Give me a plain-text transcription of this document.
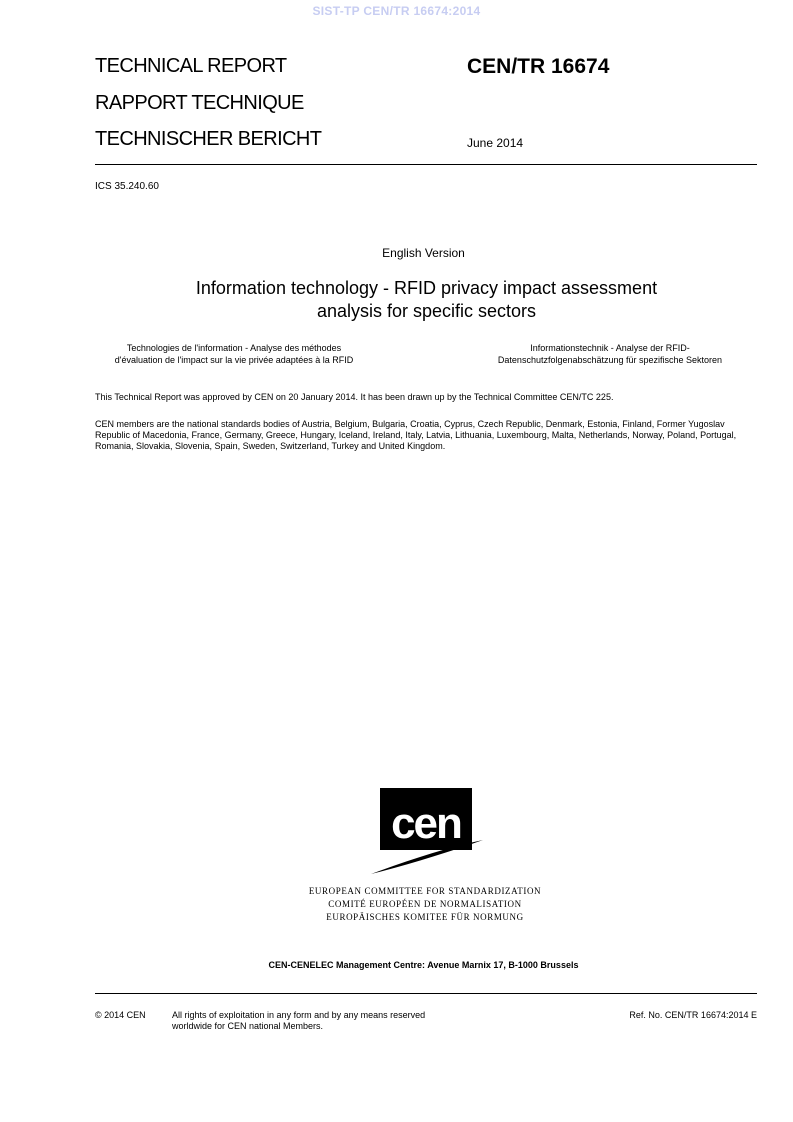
SIST-TP CEN/TR 16674:2014
TECHNICAL REPORT
RAPPORT TECHNIQUE
TECHNISCHER BERICHT
CEN/TR 16674
June 2014
ICS 35.240.60
English Version
Information technology - RFID privacy impact assessment
analysis for specific sectors
Technologies de l'information - Analyse des méthodes
d'évaluation de l'impact sur la vie privée adaptées à la RFID
Informationstechnik - Analyse der RFID-
Datenschutzfolgenabschätzung für spezifische Sektoren
This Technical Report was approved by CEN on 20 January 2014. It has been drawn up by the Technical Committee CEN/TC 225.
CEN members are the national standards bodies of Austria, Belgium, Bulgaria, Croatia, Cyprus, Czech Republic, Denmark, Estonia, Finland, Former Yugoslav Republic of Macedonia, France, Germany, Greece, Hungary, Iceland, Ireland, Italy, Latvia, Lithuania, Luxembourg, Malta, Netherlands, Norway, Poland, Portugal, Romania, Slovakia, Slovenia, Spain, Sweden, Switzerland, Turkey and United Kingdom.
cen
EUROPEAN COMMITTEE FOR STANDARDIZATION
COMITÉ EUROPÉEN DE NORMALISATION
EUROPÄISCHES KOMITEE FÜR NORMUNG
CEN-CENELEC Management Centre: Avenue Marnix 17, B-1000 Brussels
© 2014 CEN	All rights of exploitation in any form and by any means reserved
worldwide for CEN national Members.
Ref. No. CEN/TR 16674:2014 E
